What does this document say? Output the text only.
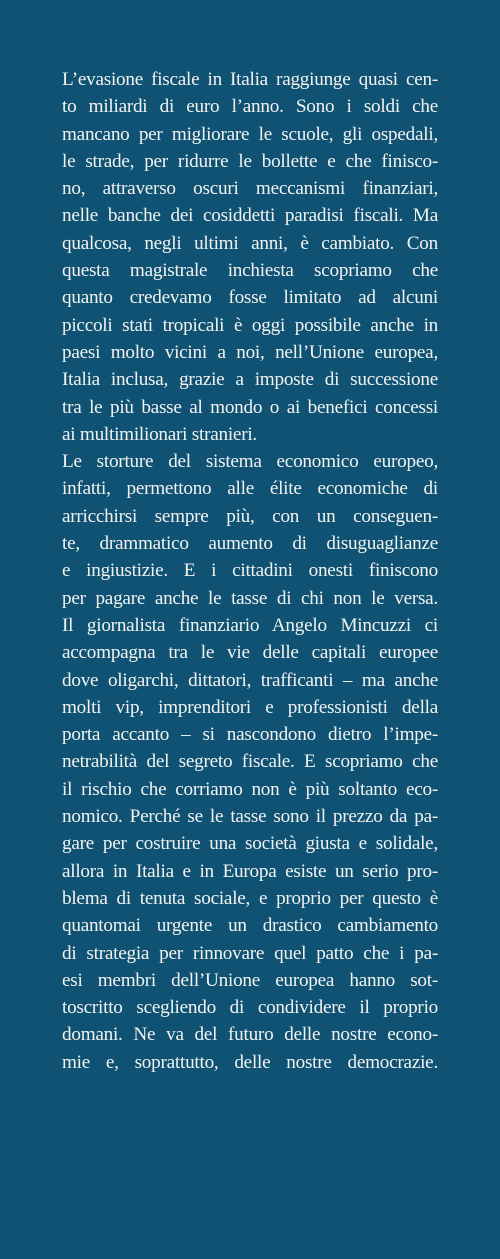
L’evasione fiscale in Italia raggiunge quasi cen-
to miliardi di euro l’anno. Sono i soldi che
mancano per migliorare le scuole, gli ospedali,
le strade, per ridurre le bollette e che finisco-
no, attraverso oscuri meccanismi finanziari,
nelle banche dei cosiddetti paradisi fiscali. Ma
qualcosa, negli ultimi anni, è cambiato. Con
questa magistrale inchiesta scopriamo che
quanto credevamo fosse limitato ad alcuni
piccoli stati tropicali è oggi possibile anche in
paesi molto vicini a noi, nell’Unione europea,
Italia inclusa, grazie a imposte di successione
tra le più basse al mondo o ai benefici concessi
ai multimilionari stranieri.
Le storture del sistema economico europeo,
infatti, permettono alle élite economiche di
arricchirsi sempre più, con un conseguen-
te, drammatico aumento di disuguaglianze
e ingiustizie. E i cittadini onesti finiscono
per pagare anche le tasse di chi non le versa.
Il giornalista finanziario Angelo Mincuzzi ci
accompagna tra le vie delle capitali europee
dove oligarchi, dittatori, trafficanti – ma anche
molti vip, imprenditori e professionisti della
porta accanto – si nascondono dietro l’impe-
netrabilità del segreto fiscale. E scopriamo che
il rischio che corriamo non è più soltanto eco-
nomico. Perché se le tasse sono il prezzo da pa-
gare per costruire una società giusta e solidale,
allora in Italia e in Europa esiste un serio pro-
blema di tenuta sociale, e proprio per questo è
quantomai urgente un drastico cambiamento
di strategia per rinnovare quel patto che i pa-
esi membri dell’Unione europea hanno sot-
toscritto scegliendo di condividere il proprio
domani. Ne va del futuro delle nostre econo-
mie e, soprattutto, delle nostre democrazie.
